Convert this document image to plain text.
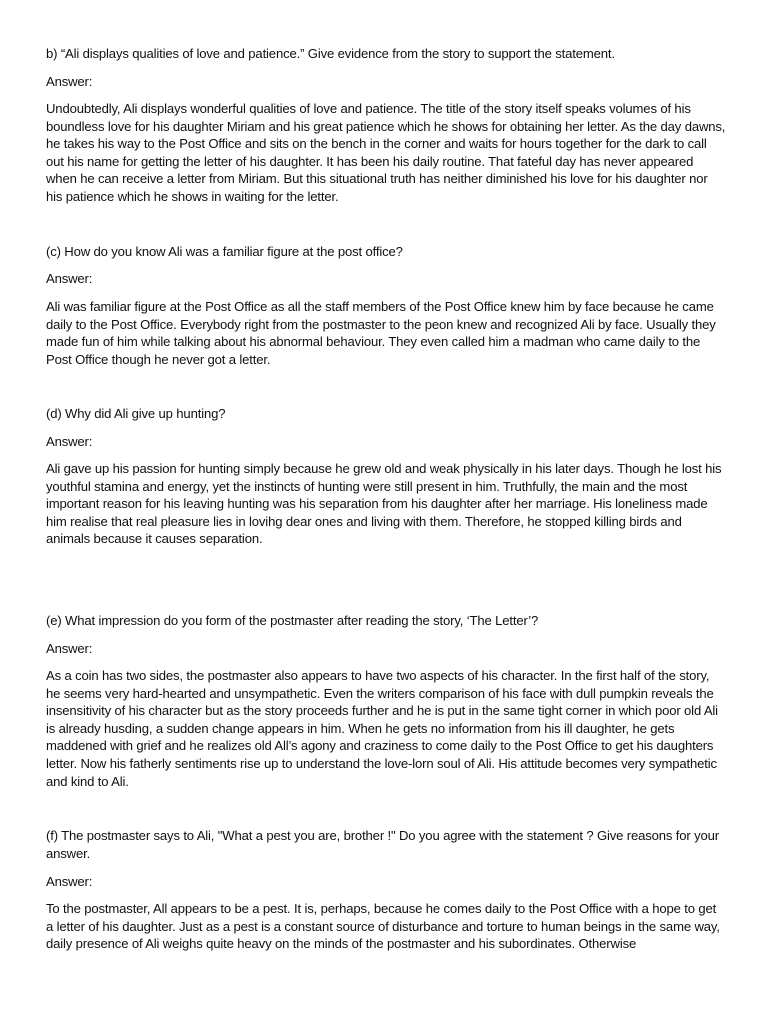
b) “Ali displays qualities of love and patience.” Give evidence from the story to support the statement.

Answer:

Undoubtedly, Ali displays wonderful qualities of love and patience. The title of the story itself speaks volumes of his boundless love for his daughter Miriam and his great patience which he shows for obtaining her letter. As the day dawns, he takes his way to the Post Office and sits on the bench in the corner and waits for hours together for the dark to call out his name for getting the letter of his daughter. It has been his daily routine. That fateful day has never appeared when he can receive a letter from Miriam. But this situational truth has neither diminished his love for his daughter nor his patience which he shows in waiting for the letter.

(c) How do you know Ali was a familiar figure at the post office?

Answer:

Ali was familiar figure at the Post Office as all the staff members of the Post Office knew him by face because he came daily to the Post Office. Everybody right from the postmaster to the peon knew and recognized Ali by face. Usually they made fun of him while talking about his abnormal behaviour. They even called him a madman who came daily to the Post Office though he never got a letter.

(d) Why did Ali give up hunting?

Answer:

Ali gave up his passion for hunting simply because he grew old and weak physically in his later days. Though he lost his youthful stamina and energy, yet the instincts of hunting were still present in him. Truthfully, the main and the most important reason for his leaving hunting was his separation from his daughter after her marriage. His loneliness made him realise that real pleasure lies in lovihg dear ones and living with them. Therefore, he stopped killing birds and animals because it causes separation.

(e) What impression do you form of the postmaster after reading the story, ‘The Letter’?

Answer:

As a coin has two sides, the postmaster also appears to have two aspects of his character. In the first half of the story, he seems very hard-hearted and unsympathetic. Even the writers comparison of his face with dull pumpkin reveals the insensitivity of his character but as the story proceeds further and he is put in the same tight corner in which poor old Ali is already husding, a sudden change appears in him. When he gets no information from his ill daughter, he gets maddened with grief and he realizes old All’s agony and craziness to come daily to the Post Office to get his daughters letter. Now his fatherly sentiments rise up to understand the love-lorn soul of Ali. His attitude becomes very sympathetic and kind to Ali.

(f) The postmaster says to Ali, "What a pest you are, brother !" Do you agree with the statement ? Give reasons for your answer.

Answer:

To the postmaster, All appears to be a pest. It is, perhaps, because he comes daily to the Post Office with a hope to get a letter of his daughter. Just as a pest is a constant source of disturbance and torture to human beings in the same way, daily presence of Ali weighs quite heavy on the minds of the postmaster and his subordinates. Otherwise
